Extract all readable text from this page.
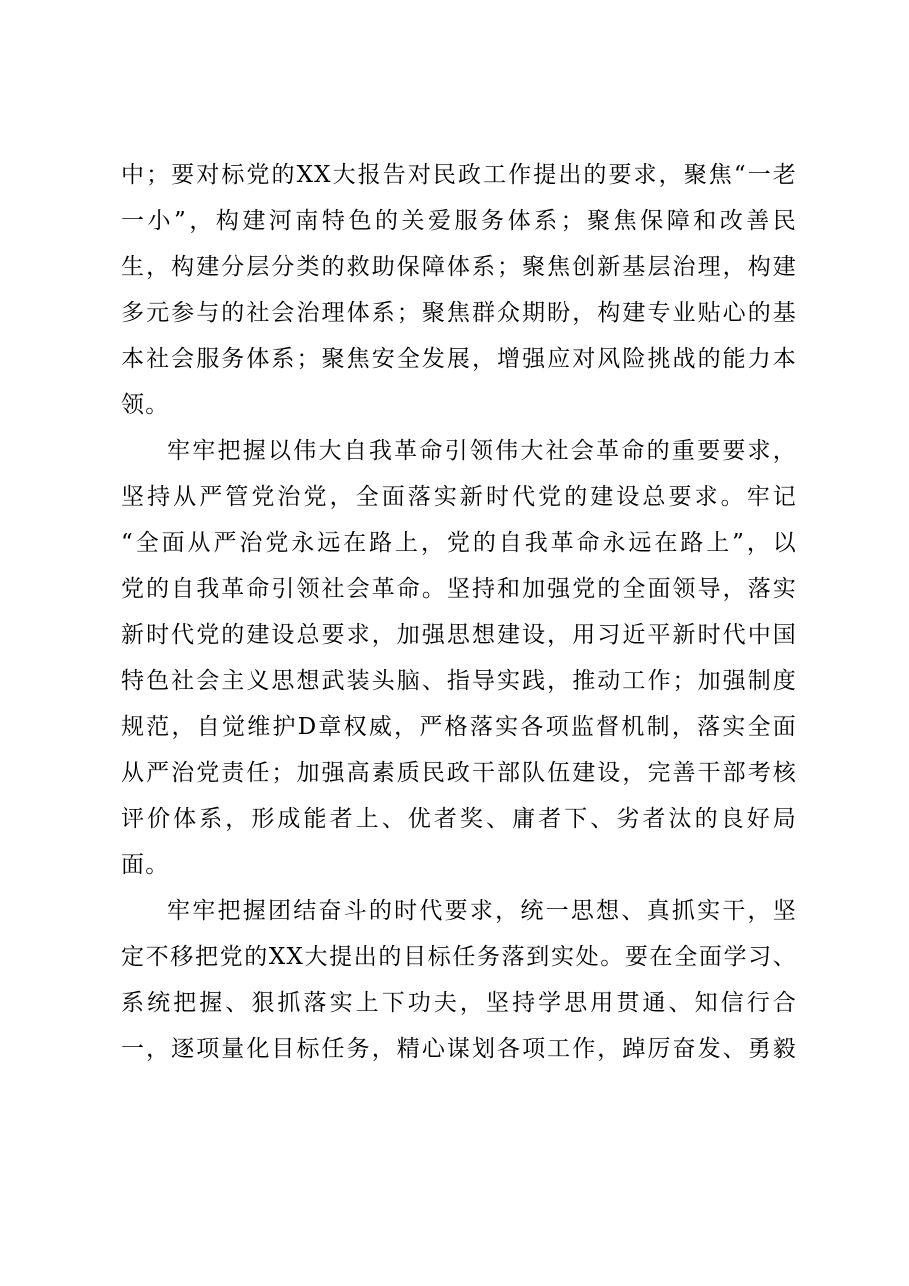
中；要对标党的XX大报告对民政工作提出的要求，聚焦“一老
一小”，构建河南特色的关爱服务体系；聚焦保障和改善民
生，构建分层分类的救助保障体系；聚焦创新基层治理，构建
多元参与的社会治理体系；聚焦群众期盼，构建专业贴心的基
本社会服务体系；聚焦安全发展，增强应对风险挑战的能力本
领。
牢牢把握以伟大自我革命引领伟大社会革命的重要要求，
坚持从严管党治党，全面落实新时代党的建设总要求。牢记
“全面从严治党永远在路上，党的自我革命永远在路上”，以
党的自我革命引领社会革命。坚持和加强党的全面领导，落实
新时代党的建设总要求，加强思想建设，用习近平新时代中国
特色社会主义思想武装头脑、指导实践，推动工作；加强制度
规范，自觉维护D章权威，严格落实各项监督机制，落实全面
从严治党责任；加强高素质民政干部队伍建设，完善干部考核
评价体系，形成能者上、优者奖、庸者下、劣者汰的良好局
面。
牢牢把握团结奋斗的时代要求，统一思想、真抓实干，坚
定不移把党的XX大提出的目标任务落到实处。要在全面学习、
系统把握、狠抓落实上下功夫，坚持学思用贯通、知信行合
一，逐项量化目标任务，精心谋划各项工作，踔厉奋发、勇毅
